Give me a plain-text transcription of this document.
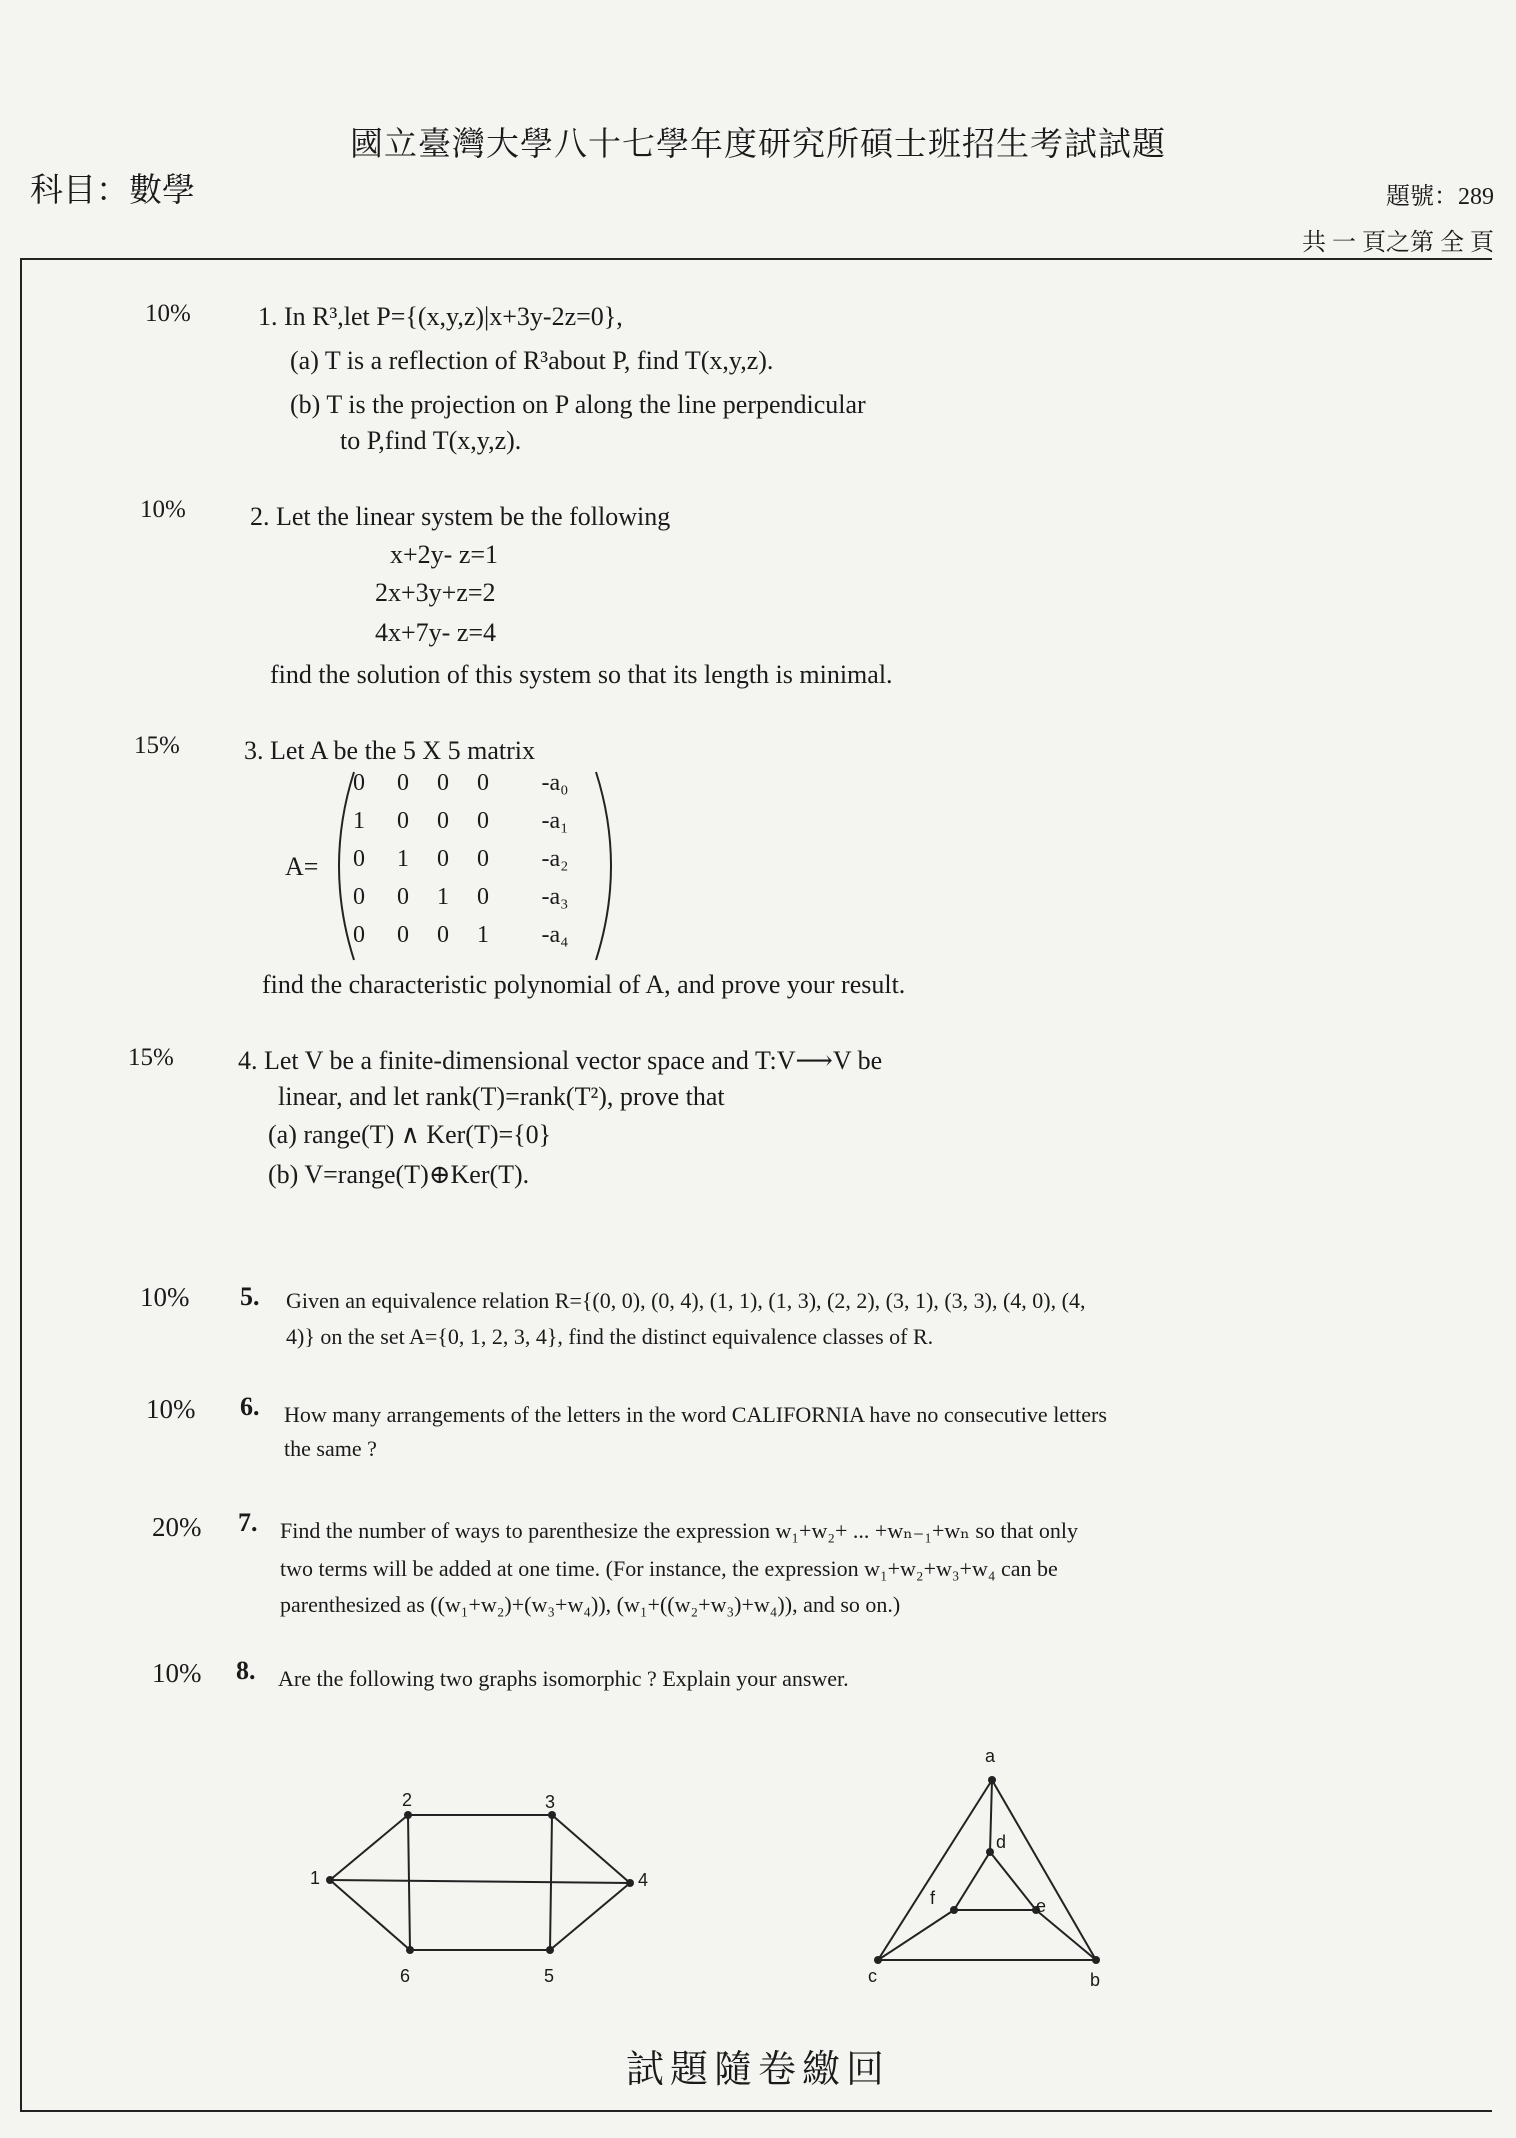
國立臺灣大學八十七學年度研究所碩士班招生考試試題
科目：數學	題號：289
共 一 頁之第 全 頁
10%	1. In R³,let P={(x,y,z)|x+3y-2z=0},
(a) T is a reflection of R³about P, find T(x,y,z).
(b) T is the projection on P along the line perpendicular
to P,find T(x,y,z).
10% 2. Let the linear system be the following
x+2y- z=1
2x+3y+z=2
4x+7y- z=4
find the solution of this system so that its length is minimal.
15% 3. Let A be the 5 X 5 matrix
A=
0	0	0	0	-a₀
1	0	0	0	-a₁
0	1	0	0	-a₂
0	0	1	0	-a₃
0	0	0	1	-a₄
find the characteristic polynomial of A, and prove your result.
15% 4. Let V be a finite-dimensional vector space and T:V⟶V be
linear, and let rank(T)=rank(T²), prove that
(a) range(T) ∧ Ker(T)={0}
(b) V=range(T)⊕Ker(T).
10% 5. Given an equivalence relation R={(0, 0), (0, 4), (1, 1), (1, 3), (2, 2), (3, 1), (3, 3), (4, 0), (4,
4)} on the set A={0, 1, 2, 3, 4}, find the distinct equivalence classes of R.
10% 6. How many arrangements of the letters in the word CALIFORNIA have no consecutive letters
the same ?
20% 7. Find the number of ways to parenthesize the expression w₁+w₂+ ... +wₙ₋₁+wₙ so that only
two terms will be added at one time. (For instance, the expression w₁+w₂+w₃+w₄ can be
parenthesized as ((w₁+w₂)+(w₃+w₄)), (w₁+((w₂+w₃)+w₄)), and so on.)
10% 8. Are the following two graphs isomorphic ? Explain your answer.
1
2	3
4
5
6
a
b
c
d
e
f
試題隨卷繳回
